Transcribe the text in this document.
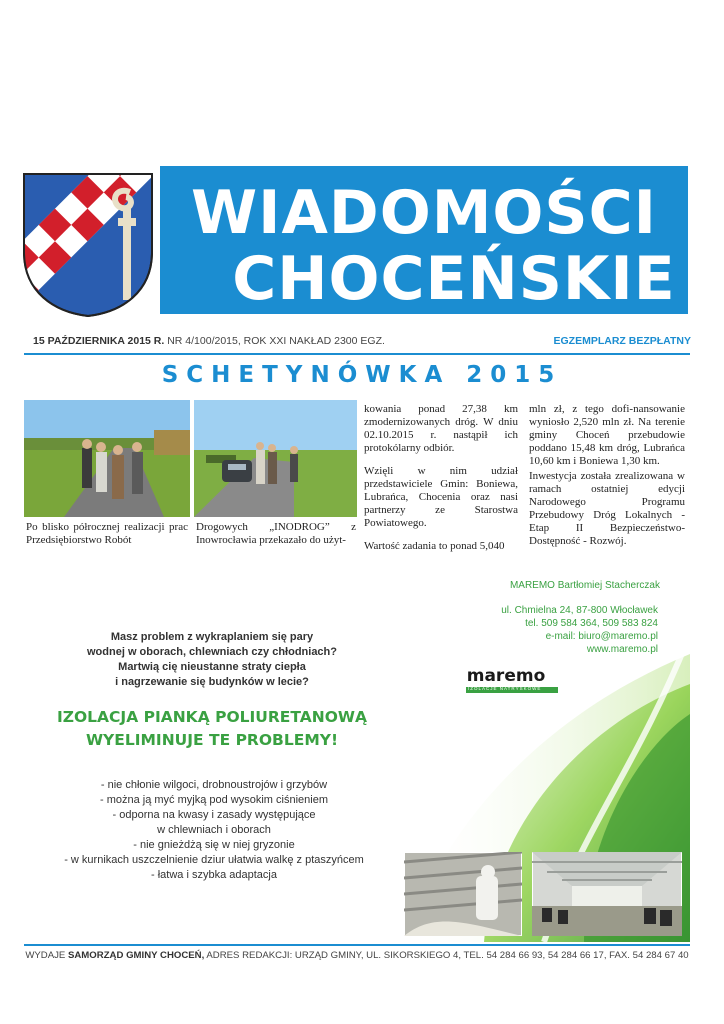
WIADOMOŚCI
CHOCEŃSKIE
15 PAŹDZIERNIKA 2015 R. NR 4/100/2015, ROK XXI NAKŁAD 2300 EGZ.	EGZEMPLARZ BEZPŁATNY
SCHETYNÓWKA 2015

Po blisko półrocznej realizacji prac Przedsiębiorstwo Robót

Drogowych „INODROG” z Inowrocławia przekazało do użyt-

kowania ponad 27,38 km zmodernizowanych dróg. W dniu 02.10.2015 r. nastąpił ich protokólarny odbiór.

Wzięli w nim udział przedstawiciele Gmin: Boniewa, Lubrańca, Chocenia oraz nasi partnerzy ze Starostwa Powiatowego.

Wartość zadania to ponad 5,040

mln zł, z tego dofi-nansowanie wyniosło 2,520 mln zł. Na terenie gminy Choceń przebudowie poddano 15,48 km dróg, Lubrańca 10,60 km i Boniewa 1,30 km.

Inwestycja została zrealizowana w ramach ostatniej edycji Narodowego Programu Przebudowy Dróg Lokalnych -Etap II Bezpieczeństwo-Dostępność - Rozwój.

MAREMO Bartłomiej Stacherczak
ul. Chmielna 24, 87-800 Włocławek
tel. 509 584 364, 509 583 824
e-mail: biuro@maremo.pl
www.maremo.pl
maremo
IZOLACJE NATRYSKOWE
Masz problem z wykraplaniem się pary
wodnej w oborach, chlewniach czy chłodniach?
Martwią cię nieustanne straty ciepła
i nagrzewanie się budynków w lecie?
IZOLACJA PIANKĄ POLIURETANOWĄ
WYELIMINUJE TE PROBLEMY!
- nie chłonie wilgoci, drobnoustrojów i grzybów
- można ją myć myjką pod wysokim ciśnieniem
- odporna na kwasy i zasady występujące
w chlewniach i oborach
- nie gnieżdżą się w niej gryzonie
- w kurnikach uszczelnienie dziur ułatwia walkę z ptaszyńcem
- łatwa i szybka adaptacja
WYDAJE SAMORZĄD GMINY CHOCEŃ, ADRES REDAKCJI: URZĄD GMINY, UL. SIKORSKIEGO 4, TEL. 54 284 66 93, 54 284 66 17, FAX. 54 284 67 40
